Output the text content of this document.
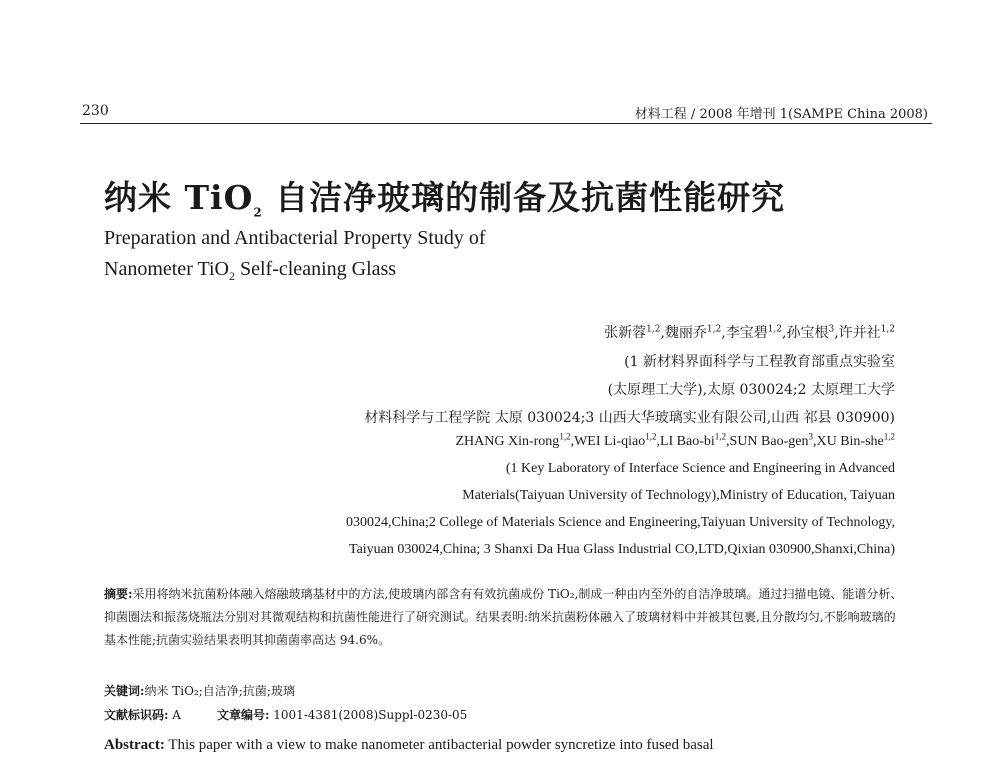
230	材料工程 / 2008 年增刊 1(SAMPE China 2008)
纳米 TiO$_2$ 自洁净玻璃的制备及抗菌性能研究
Preparation and Antibacterial Property Study of
Nanometer TiO$_2$ Self-cleaning Glass
张新蓉$^{1,2}$,魏丽乔$^{1,2}$,李宝碧$^{1,2}$,孙宝根$^3$,许并社$^{1,2}$
(1 新材料界面科学与工程教育部重点实验室
(太原理工大学),太原 030024;2 太原理工大学
材料科学与工程学院 太原 030024;3 山西大华玻璃实业有限公司,山西 祁县 030900)
ZHANG Xin-rong$^{1,2}$,WEI Li-qiao$^{1,2}$,LI Bao-bi$^{1,2}$,SUN Bao-gen$^3$,XU Bin-she$^{1,2}$
(1 Key Laboratory of Interface Science and Engineering in Advanced
Materials(Taiyuan University of Technology),Ministry of Education, Taiyuan
030024,China;2 College of Materials Science and Engineering,Taiyuan University of Technology,
Taiyuan 030024,China; 3 Shanxi Da Hua Glass Industrial CO,LTD,Qixian 030900,Shanxi,China)
摘要:采用将纳米抗菌粉体融入熔融玻璃基材中的方法,使玻璃内部含有有效抗菌成份 TiO₂,制成一种由内至外的自洁净玻璃。通过扫描电镜、能谱分析、抑菌圈法和振荡烧瓶法分别对其微观结构和抗菌性能进行了研究测试。结果表明:纳米抗菌粉体融入了玻璃材料中并被其包裹,且分散均匀,不影响玻璃的基本性能;抗菌实验结果表明其抑菌菌率高达 94.6%。
关键词:纳米 TiO₂;自洁净;抗菌;玻璃
文献标识码: A	文章编号: 1001-4381(2008)Suppl-0230-05
Abstract: This paper with a view to make nanometer antibacterial powder syncretize into fused basal
